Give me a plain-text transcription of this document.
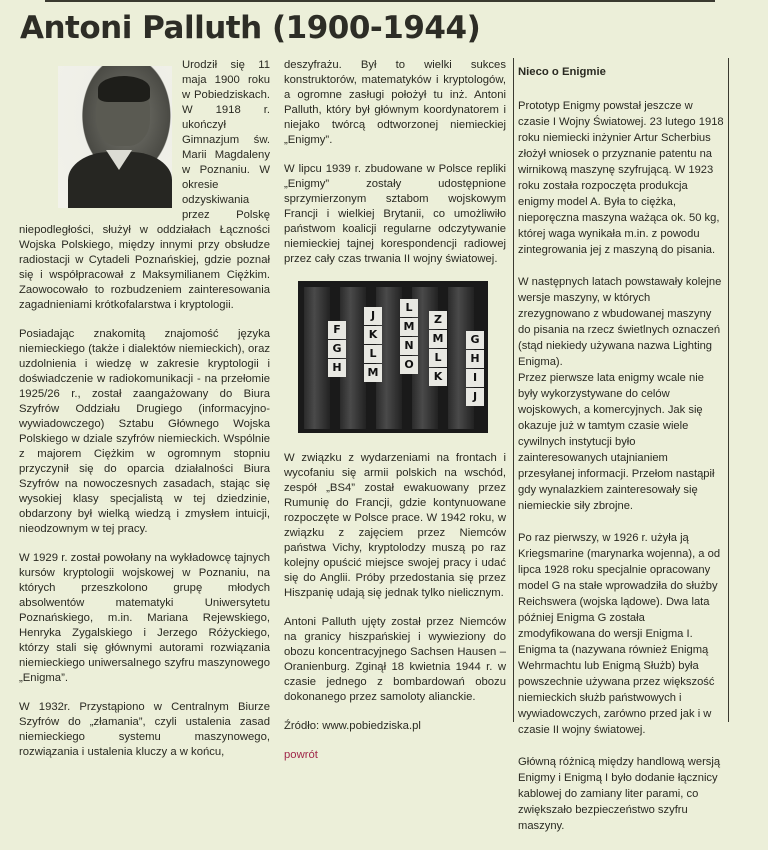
Antoni Palluth (1900-1944)

Urodził się 11 maja 1900 roku w Pobiedziskach. W 1918 r. ukończył Gimnazjum św. Marii Magdaleny w Poznaniu. W okresie odzyskiwania przez Polskę niepodległości, służył w oddziałach Łączności Wojska Polskiego, między innymi przy obsłudze radiostacji w Cytadeli Poznańskiej, gdzie poznał się i współpracował z Maksymilianem Ciężkim. Zaowocowało to rozbudzeniem zainteresowania zagadnieniami krótkofalarstwa i kryptologii.

Posiadając znakomitą znajomość języka niemieckiego (także i dialektów niemieckich), oraz uzdolnienia i wiedzę w zakresie kryptologii i doświadczenie w radiokomunikacji - na przełomie 1925/26 r., został zaangażowany do Biura Szyfrów Oddziału Drugiego (informacyjno-wywiadowczego) Sztabu Głównego Wojska Polskiego w dziale szyfrów niemieckich. Wspólnie z majorem Ciężkim w ogromnym stopniu przyczynił się do oparcia działalności Biura Szyfrów na nowoczesnych zasadach, stając się wysokiej klasy specjalistą w tej dziedzinie, obdarzony był wielką wiedzą i zmysłem intuicji, nieodzownym w tej pracy.

W 1929 r. został powołany na wykładowcę tajnych kursów kryptologii wojskowej w Poznaniu, na których przeszkolono grupę młodych absolwentów matematyki Uniwersytetu Poznańskiego, m.in. Mariana Rejewskiego, Henryka Zygalskiego i Jerzego Różyckiego, którzy stali się głównymi autorami rozwiązania niemieckiego uniwersalnego szyfru maszynowego „Enigma”.

W 1932r. Przystąpiono w Centralnym Biurze Szyfrów do „złamania”, czyli ustalenia zasad niemieckiego systemu maszynowego, rozwiązania i ustalenia kluczy a w końcu,

deszyfrażu. Był to wielki sukces konstruktorów, matematyków i kryptologów, a ogromne zasługi położył tu inż. Antoni Palluth, który był głównym koordynatorem i niejako twórcą odtworzonej niemieckiej „Enigmy”.

W lipcu 1939 r. zbudowane w Polsce repliki „Enigmy” zostały udostępnione sprzymierzonym sztabom wojskowym Francji i wielkiej Brytanii, co umożliwiło państwom koalicji regularne odczytywanie niemieckiej tajnej korespondencji radiowej przez cały czas trwania II wojny światowej.

F
G
H
J
K
L
M
L
M
N
O
Z
M
L
K
G
H
I
J

W związku z wydarzeniami na frontach i wycofaniu się armii polskich na wschód, zespół „BS4” został ewakuowany przez Rumunię do Francji, gdzie kontynuowane rozpoczęte w Polsce prace. W 1942 roku, w związku z zajęciem przez Niemców państwa Vichy, kryptolodzy muszą po raz kolejny opuścić miejsce swojej pracy i udać się do Anglii. Próby przedostania się przez Hiszpanię udają się jednak tylko nielicznym.

Antoni Palluth ujęty został przez Niemców na granicy hiszpańskiej i wywieziony do obozu koncentracyjnego Sachsen Hausen – Oranienburg. Zginął 18 kwietnia 1944 r. w czasie jednego z bombardowań obozu dokonanego przez samoloty alianckie.

Źródło: www.pobiedziska.pl

powrót

Nieco o Enigmie

Prototyp Enigmy powstał jeszcze w czasie I Wojny Światowej. 23 lutego 1918 roku niemiecki inżynier Artur Scherbius złożył wniosek o przyznanie patentu na wirnikową maszynę szyfrującą. W 1923 roku została rozpoczęta produkcja enigmy model A. Była to ciężka, nieporęczna maszyna ważąca ok. 50 kg, której waga wynikała m.in. z powodu zintegrowania jej z maszyną do pisania.

W następnych latach powstawały kolejne wersje maszyny, w których zrezygnowano z wbudowanej maszyny do pisania na rzecz świetlnych oznaczeń (stąd niekiedy używana nazwa Lighting Enigma).

Przez pierwsze lata enigmy wcale nie były wykorzystywane do celów wojskowych, a komercyjnych. Jak się okazuje już w tamtym czasie wiele cywilnych instytucji było zainteresowanych utajnianiem przesyłanej informacji. Przełom nastąpił gdy wynalazkiem zainteresowały się niemieckie siły zbrojne.

Po raz pierwszy, w 1926 r. użyła ją Kriegsmarine (marynarka wojenna), a od lipca 1928 roku specjalnie opracowany model G na stałe wprowadziła do służby Reichswera (wojska lądowe). Dwa lata później Enigma G została zmodyfikowana do wersji Enigma I. Enigma ta (nazywana również Enigmą Wehrmachtu lub Enigmą Służb) była powszechnie używana przez większość niemieckich służb państwowych i wywiadowczych, zarówno przed jak i w czasie II wojny światowej.

Główną różnicą między handlową wersją Enigmy i Enigmą I było dodanie łącznicy kablowej do zamiany liter parami, co zwiększało bezpieczeństwo szyfru maszyny.
